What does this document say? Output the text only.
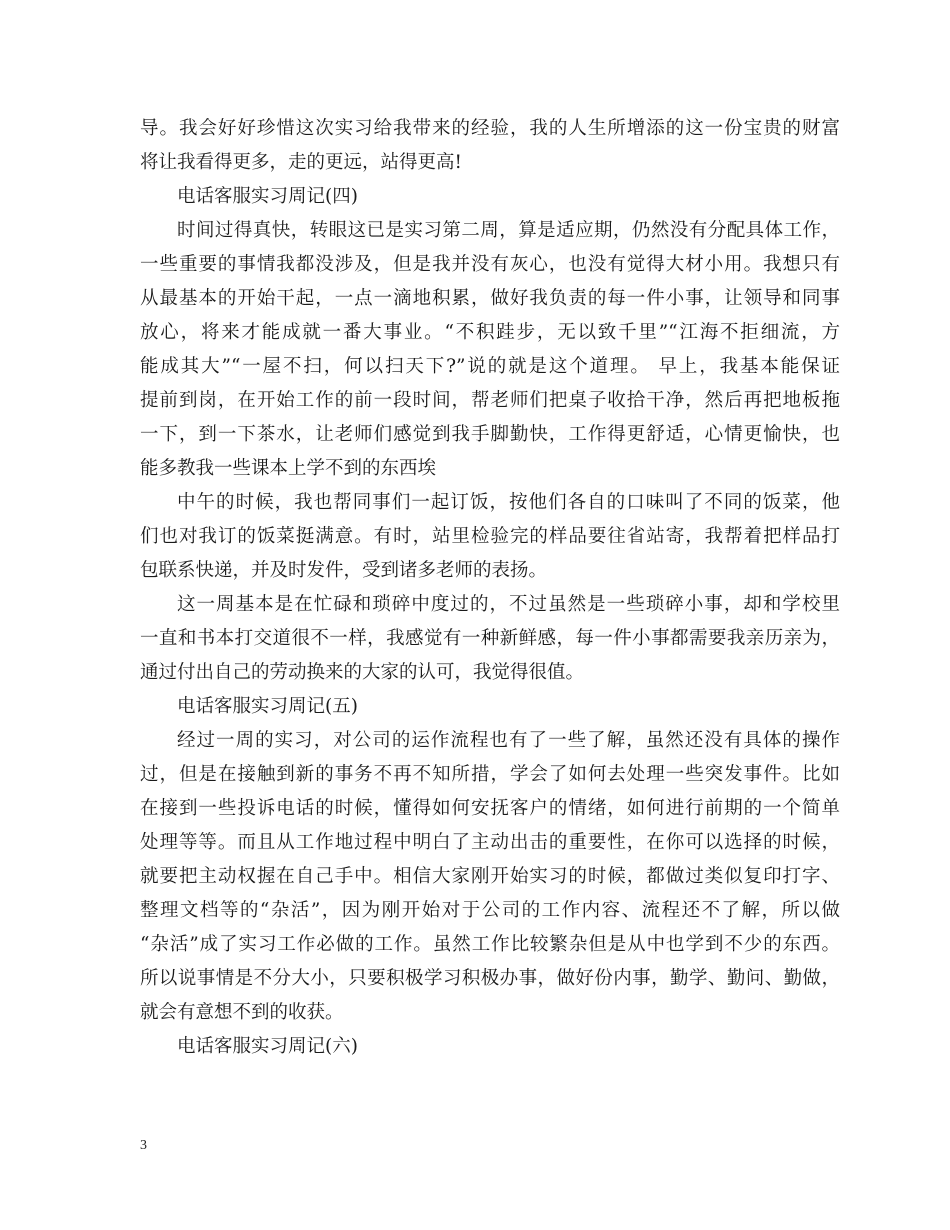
导。我会好好珍惜这次实习给我带来的经验，我的人生所增添的这一份宝贵的财富
将让我看得更多，走的更远，站得更高!
电话客服实习周记(四)
时间过得真快，转眼这已是实习第二周，算是适应期，仍然没有分配具体工作，
一些重要的事情我都没涉及，但是我并没有灰心，也没有觉得大材小用。我想只有
从最基本的开始干起，一点一滴地积累，做好我负责的每一件小事，让领导和同事
放心，将来才能成就一番大事业。“不积跬步，无以致千里”“江海不拒细流，方
能成其大”“一屋不扫，何以扫天下?”说的就是这个道理。 早上，我基本能保证
提前到岗，在开始工作的前一段时间，帮老师们把桌子收拾干净，然后再把地板拖
一下，到一下茶水，让老师们感觉到我手脚勤快，工作得更舒适，心情更愉快，也
能多教我一些课本上学不到的东西埃
中午的时候，我也帮同事们一起订饭，按他们各自的口味叫了不同的饭菜，他
们也对我订的饭菜挺满意。有时，站里检验完的样品要往省站寄，我帮着把样品打
包联系快递，并及时发件，受到诸多老师的表扬。
这一周基本是在忙碌和琐碎中度过的，不过虽然是一些琐碎小事，却和学校里
一直和书本打交道很不一样，我感觉有一种新鲜感，每一件小事都需要我亲历亲为，
通过付出自己的劳动换来的大家的认可，我觉得很值。
电话客服实习周记(五)
经过一周的实习，对公司的运作流程也有了一些了解，虽然还没有具体的操作
过，但是在接触到新的事务不再不知所措，学会了如何去处理一些突发事件。比如
在接到一些投诉电话的时候，懂得如何安抚客户的情绪，如何进行前期的一个简单
处理等等。而且从工作地过程中明白了主动出击的重要性，在你可以选择的时候，
就要把主动权握在自己手中。相信大家刚开始实习的时候，都做过类似复印打字、
整理文档等的“杂活”，因为刚开始对于公司的工作内容、流程还不了解，所以做
“杂活”成了实习工作必做的工作。虽然工作比较繁杂但是从中也学到不少的东西。
所以说事情是不分大小，只要积极学习积极办事，做好份内事，勤学、勤问、勤做，
就会有意想不到的收获。
电话客服实习周记(六)
3
